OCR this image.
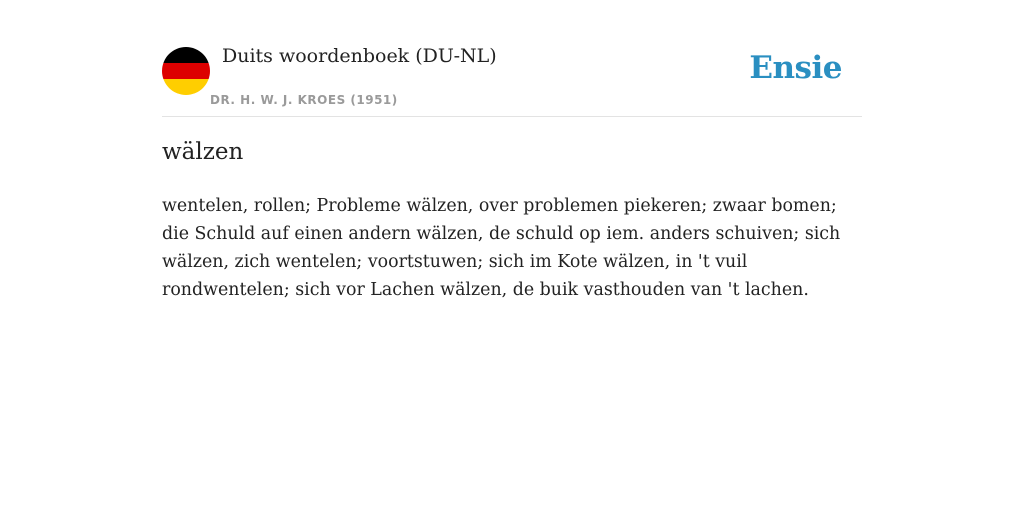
Duits woordenboek (DU-NL)
DR. H. W. J. KROES (1951)
Ensie
wälzen

wentelen, rollen; Probleme wälzen, over problemen piekeren; zwaar bomen; die Schuld auf einen andern wälzen, de schuld op iem. anders schuiven; sich wälzen, zich wentelen; voortstuwen; sich im Kote wälzen, in 't vuil rondwentelen; sich vor Lachen wälzen, de buik vasthouden van 't lachen.
